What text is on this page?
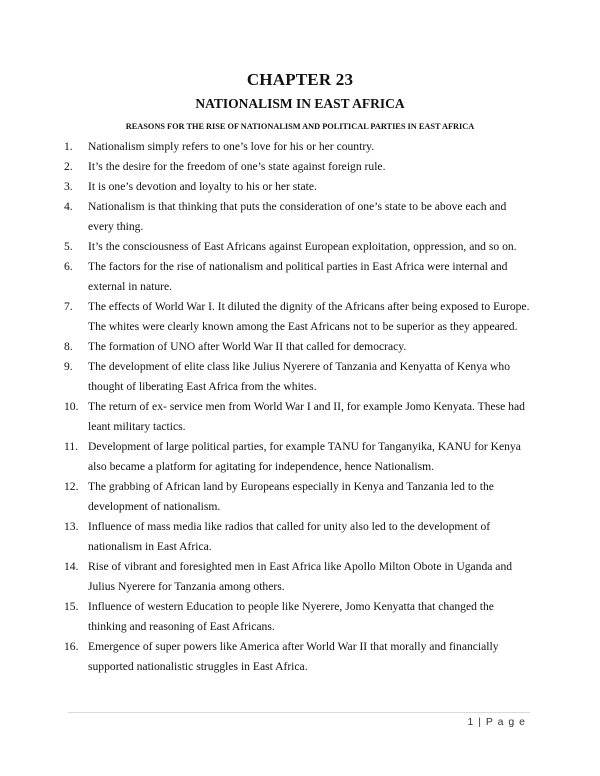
CHAPTER 23
NATIONALISM IN EAST AFRICA
REASONS FOR THE RISE OF NATIONALISM AND POLITICAL PARTIES IN EAST AFRICA
1.	Nationalism simply refers to one’s love for his or her country.
2.	It’s the desire for the freedom of one’s state against foreign rule.
3.	It is one’s devotion and loyalty to his or her state.
4.	Nationalism is that thinking that puts the consideration of one’s state to be above each and every thing.
5.	It’s the consciousness of East Africans against European exploitation, oppression, and so on.
6.	The factors for the rise of nationalism and political parties in East Africa were internal and external in nature.
7.	The effects of World War I. It diluted the dignity of the Africans after being exposed to Europe. The whites were clearly known among the East Africans not to be superior as they appeared.
8.	The formation of UNO after World War II that called for democracy.
9.	The development of elite class like Julius Nyerere of Tanzania and Kenyatta of Kenya who thought of liberating East Africa from the whites.
10. The return of ex- service men from World War I and II, for example Jomo Kenyata. These had leant military tactics.
11. Development of large political parties, for example TANU for Tanganyika, KANU for Kenya also became a platform for agitating for independence, hence Nationalism.
12. The grabbing of African land by Europeans especially in Kenya and Tanzania led to the development of nationalism.
13. Influence of mass media like radios that called for unity also led to the development of nationalism in East Africa.
14. Rise of vibrant and foresighted men in East Africa like Apollo Milton Obote in Uganda and Julius Nyerere for Tanzania among others.
15. Influence of western Education to people like Nyerere, Jomo Kenyatta that changed the thinking and reasoning of East Africans.
16. Emergence of super powers like America after World War II that morally and financially supported nationalistic struggles in East Africa.
1 | P a g e
